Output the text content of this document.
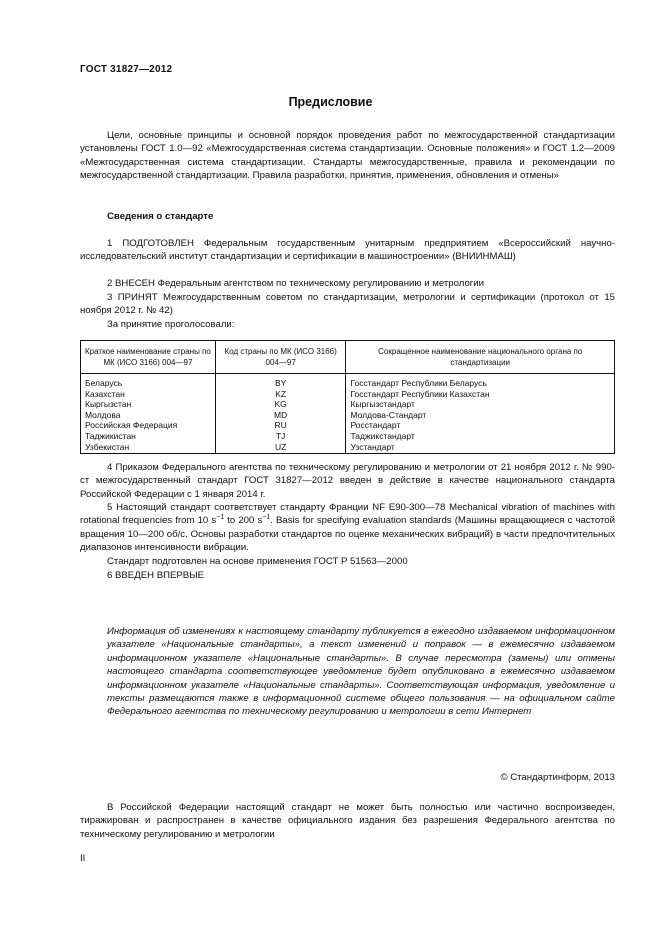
ГОСТ 31827—2012
Предисловие
Цели, основные принципы и основной порядок проведения работ по межгосударственной стандартизации установлены ГОСТ 1.0—92 «Межгосударственная система стандартизации. Основные положения» и ГОСТ 1.2—2009 «Межгосударственная система стандартизации. Стандарты межгосударственные, правила и рекомендации по межгосударственной стандартизации. Правила разработки, принятия, применения, обновления и отмены»
Сведения о стандарте
1 ПОДГОТОВЛЕН Федеральным государственным унитарным предприятием «Всероссийский научно-исследовательский институт стандартизации и сертификации в машиностроении» (ВНИИНМАШ)
2 ВНЕСЕН Федеральным агентством по техническому регулированию и метрологии
3 ПРИНЯТ Межгосударственным советом по стандартизации, метрологии и сертификации (протокол от 15 ноября 2012 г. № 42)
За принятие проголосовали:
Краткое наименование страны по МК (ИСО 3166) 004—97	Код страны по МК (ИСО 3166) 004—97	Сокращенное наименование национального органа по стандартизации
Беларусь	BY	Госстандарт Республики Беларусь
Казахстан	KZ	Госстандарт Республики Казахстан
Кыргызстан	KG	Кыргызстандарт
Молдова	MD	Молдова-Стандарт
Российская Федерация	RU	Росстандарт
Таджикистан	TJ	Таджикстандарт
Узбекистан	UZ	Узстандарт
4 Приказом Федерального агентства по техническому регулированию и метрологии от 21 ноября 2012 г. № 990-ст межгосударственный стандарт ГОСТ 31827—2012 введен в действие в качестве национального стандарта Российской Федерации с 1 января 2014 г.
5 Настоящий стандарт соответствует стандарту Франции NF E90-300—78 Mechanical vibration of machines with rotational frequencies from 10 $s^{-1}$ to 200 $s^{-1}$. Basis for specifying evaluation standards (Машины вращающиеся с частотой вращения 10—200 об/с. Основы разработки стандартов по оценке механических вибраций) в части предпочтительных диапазонов интенсивности вибрации.
Стандарт подготовлен на основе применения ГОСТ Р 51563—2000
6 ВВЕДЕН ВПЕРВЫЕ
Информация об изменениях к настоящему стандарту публикуется в ежегодно издаваемом информационном указателе «Национальные стандарты», а текст изменений и поправок — в ежемесячно издаваемом информационном указателе «Национальные стандарты». В случае пересмотра (замены) или отмены настоящего стандарта соответствующее уведомление будет опубликовано в ежемесячно издаваемом информационном указателе «Национальные стандарты». Соответствующая информация, уведомление и тексты размещаются также в информационной системе общего пользования — на официальном сайте Федерального агентства по техническому регулированию и метрологии в сети Интернет
© Стандартинформ, 2013
В Российской Федерации настоящий стандарт не может быть полностью или частично воспроизведен, тиражирован и распространен в качестве официального издания без разрешения Федерального агентства по техническому регулированию и метрологии
II
